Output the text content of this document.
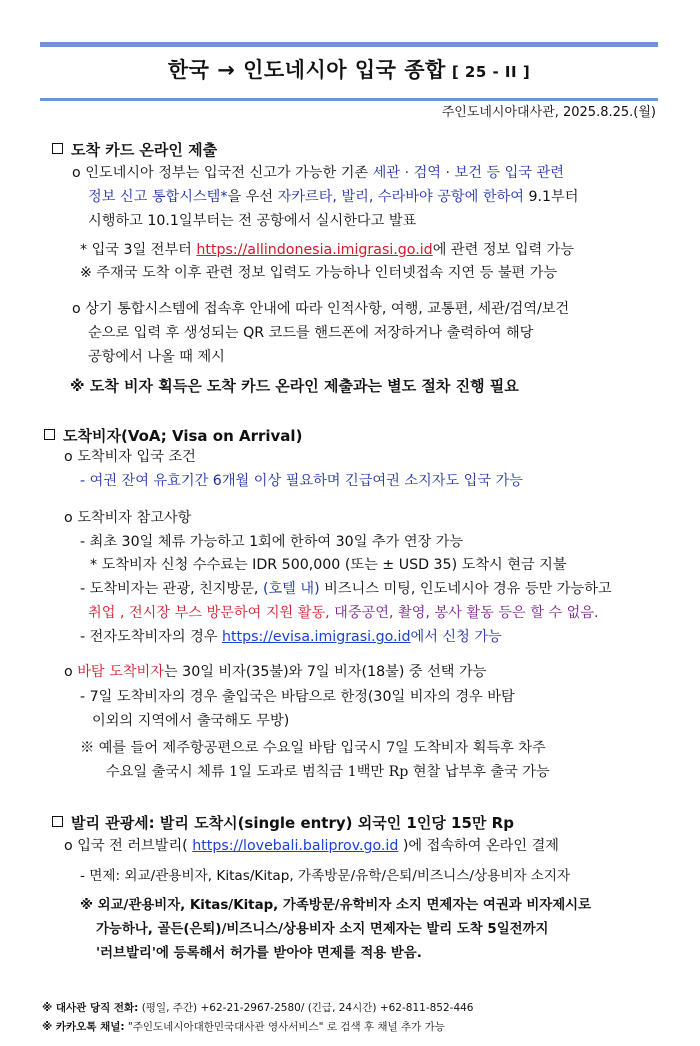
한국 → 인도네시아 입국 종합 [ 25 - II ]
주인도네시아대사관, 2025.8.25.(월)
도착 카드 온라인 제출
o 인도네시아 정부는 입국전 신고가 가능한 기존 세관 · 검역 · 보건 등 입국 관련
정보 신고 통합시스템*을 우선 자카르타, 발리, 수라바야 공항에 한하여 9.1부터
시행하고 10.1일부터는 전 공항에서 실시한다고 발표
* 입국 3일 전부터 https://allindonesia.imigrasi.go.id에 관련 정보 입력 가능
※ 주재국 도착 이후 관련 정보 입력도 가능하나 인터넷접속 지연 등 불편 가능
o 상기 통합시스템에 접속후 안내에 따라 인적사항, 여행, 교통편, 세관/검역/보건
순으로 입력 후 생성되는 QR 코드를 핸드폰에 저장하거나 출력하여 해당
공항에서 나올 때 제시
※ 도착 비자 획득은 도착 카드 온라인 제출과는 별도 절차 진행 필요
도착비자(VoA; Visa on Arrival)
o 도착비자 입국 조건
- 여권 잔여 유효기간 6개월 이상 필요하며 긴급여권 소지자도 입국 가능
o 도착비자 참고사항
- 최초 30일 체류 가능하고 1회에 한하여 30일 추가 연장 가능
* 도착비자 신청 수수료는 IDR 500,000 (또는 ± USD 35) 도착시 현금 지불
- 도착비자는 관광, 친지방문, (호텔 내) 비즈니스 미팅, 인도네시아 경유 등만 가능하고
취업 , 전시장 부스 방문하여 지원 활동, 대중공연, 촬영, 봉사 활동 등은 할 수 없음.
- 전자도착비자의 경우 https://evisa.imigrasi.go.id에서 신청 가능
o 바탐 도착비자는 30일 비자(35불)와 7일 비자(18불) 중 선택 가능
- 7일 도착비자의 경우 출입국은 바탐으로 한정(30일 비자의 경우 바탐
이외의 지역에서 출국해도 무방)
※ 예를 들어 제주항공편으로 수요일 바탐 입국시 7일 도착비자 획득후 차주
수요일 출국시 체류 1일 도과로 범칙금 1백만 Rp 현찰 납부후 출국 가능
발리 관광세: 발리 도착시(single entry) 외국인 1인당 15만 Rp
o 입국 전 러브발리( https://lovebali.baliprov.go.id )에 접속하여 온라인 결제
- 면제: 외교/관용비자, Kitas/Kitap, 가족방문/유학/은퇴/비즈니스/상용비자 소지자
※ 외교/관용비자, Kitas/Kitap, 가족방문/유학비자 소지 면제자는 여권과 비자제시로
가능하나, 골든(은퇴)/비즈니스/상용비자 소지 면제자는 발리 도착 5일전까지
'러브발리'에 등록해서 허가를 받아야 면제를 적용 받음.
※ 대사관 당직 전화: (평일, 주간) +62-21-2967-2580/ (긴급, 24시간) +62-811-852-446
※ 카카오톡 채널: "주인도네시아대한민국대사관 영사서비스" 로 검색 후 채널 추가 가능
